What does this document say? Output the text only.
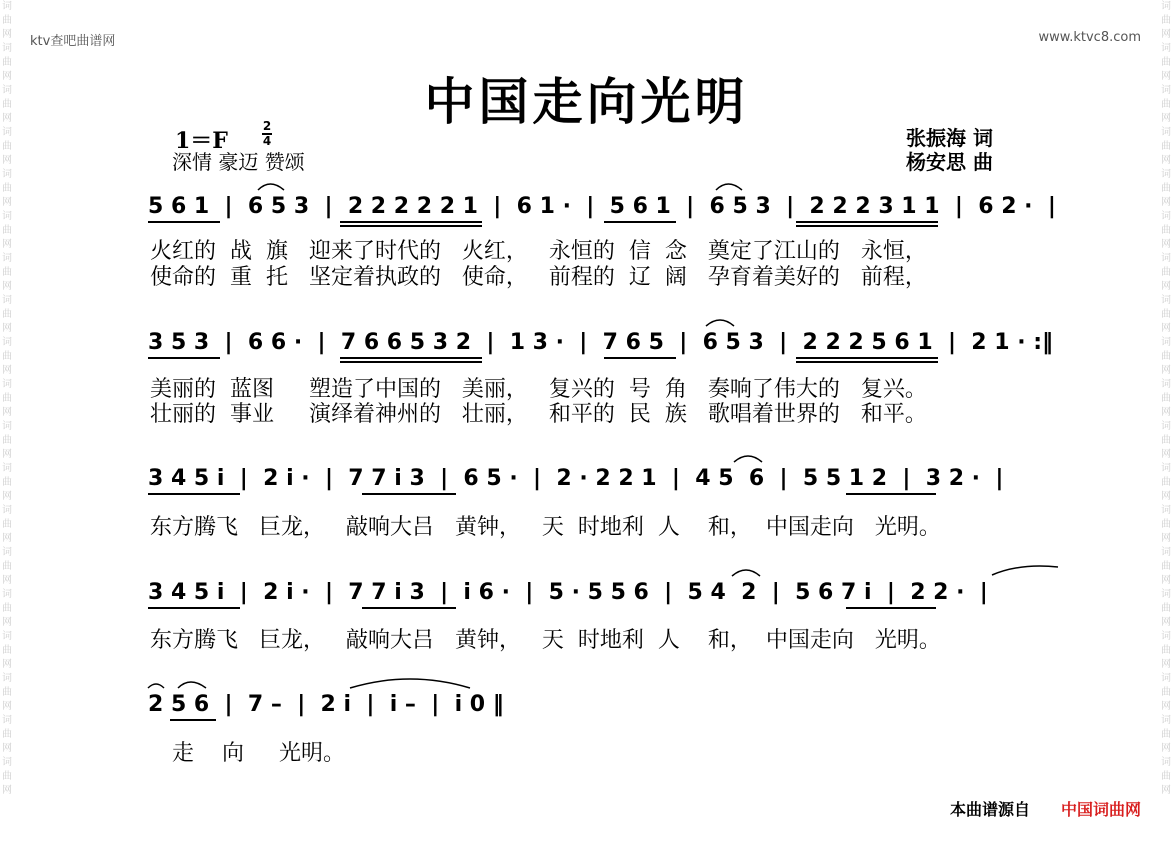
词曲网词曲网词曲网词曲网词曲网词曲网词曲网词曲网词曲网词曲网词曲网词曲网词曲网词曲网词曲网词曲网词曲网词曲网词曲网
词曲网词曲网词曲网词曲网词曲网词曲网词曲网词曲网词曲网词曲网词曲网词曲网词曲网词曲网词曲网词曲网词曲网词曲网词曲网
ktv查吧曲谱网	www.ktvc8.com
中国走向光明
1＝F
2
4
深情 豪迈 赞颂
张振海 词
杨安思 曲
5 6 1  |  6 5 3  |  2 2 2 2 2 1  |  6 1 ·  |  5 6 1  |  6 5 3  |  2 2 2 3 1 1  |  6 2 ·  |
火红的  战  旗   迎来了时代的   火红，   永恒的  信  念   奠定了江山的   永恒，
使命的  重  托   坚定着执政的   使命，   前程的  辽  阔   孕育着美好的   前程，
3 5 3  |  6 6 ·  |  7 6 6 5 3 2  |  1 3 ·  |  7 6 5  |  6 5 3  |  2 2 2 5 6 1  |  2 1 · :‖
美丽的  蓝图     塑造了中国的   美丽，   复兴的  号  角   奏响了伟大的   复兴。
壮丽的  事业     演绎着神州的   壮丽，   和平的  民  族   歌唱着世界的   和平。
3 4 5 i  |  2 i ·  |  7 7 i 3  |  6 5 ·  |  2 · 2 2 1  |  4 5  6  |  5 5 1 2  |  3 2 ·  |
东方腾飞   巨龙，   敲响大吕   黄钟，   天  时地利  人    和，  中国走向   光明。
3 4 5 i  |  2 i ·  |  7 7 i 3  |  i 6 ·  |  5 · 5 5 6  |  5 4  2  |  5 6 7 i  |  2 2 ·  |
东方腾飞   巨龙，   敲响大吕   黄钟，   天  时地利  人    和，  中国走向   光明。
2 5 6  |  7 –  |  2 i  |  i –  |  i 0 ‖
走    向     光明。
本曲谱源自 中国词曲网
